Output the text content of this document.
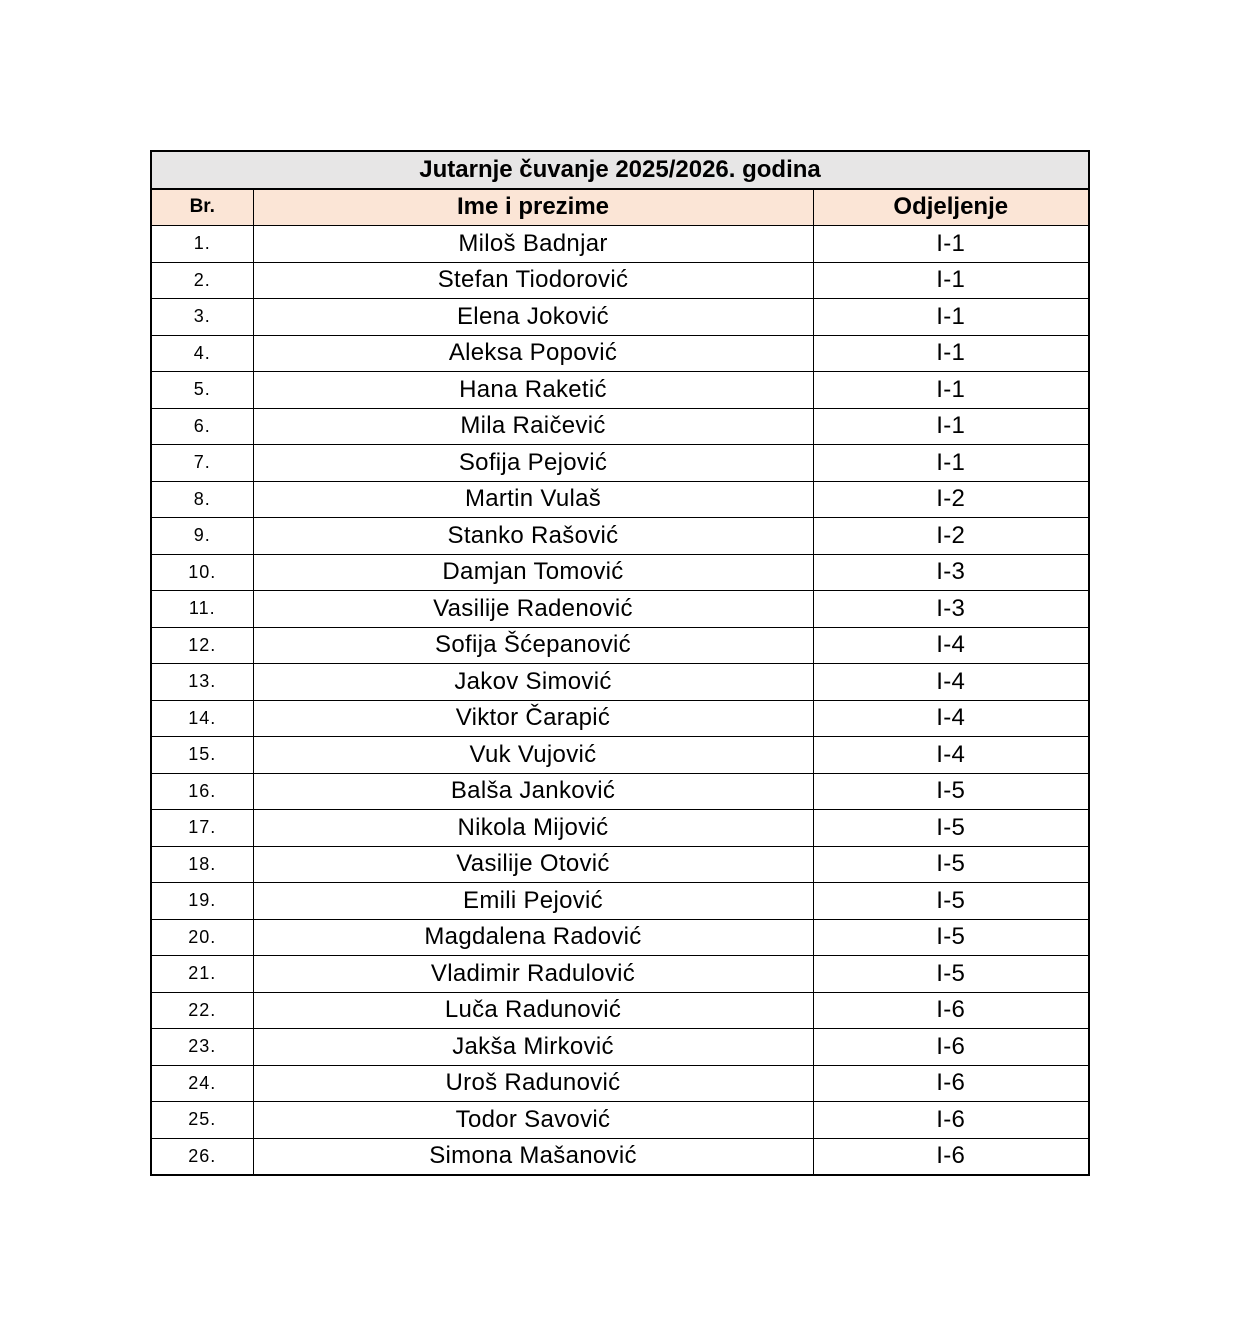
Jutarnje čuvanje 2025/2026. godina		
Br.	Ime i prezime	Odjeljenje
1.	Miloš Badnjar	I-1
2.	Stefan Tiodorović	I-1
3.	Elena Joković	I-1
4.	Aleksa Popović	I-1
5.	Hana Raketić	I-1
6.	Mila Raičević	I-1
7.	Sofija Pejović	I-1
8.	Martin Vulaš	I-2
9.	Stanko Rašović	I-2
10.	Damjan Tomović	I-3
11.	Vasilije Radenović	I-3
12.	Sofija Šćepanović	I-4
13.	Jakov Simović	I-4
14.	Viktor Čarapić	I-4
15.	Vuk Vujović	I-4
16.	Balša Janković	I-5
17.	Nikola Mijović	I-5
18.	Vasilije Otović	I-5
19.	Emili Pejović	I-5
20.	Magdalena Radović	I-5
21.	Vladimir Radulović	I-5
22.	Luča Radunović	I-6
23.	Jakša Mirković	I-6
24.	Uroš Radunović	I-6
25.	Todor Savović	I-6
26.	Simona Mašanović	I-6
